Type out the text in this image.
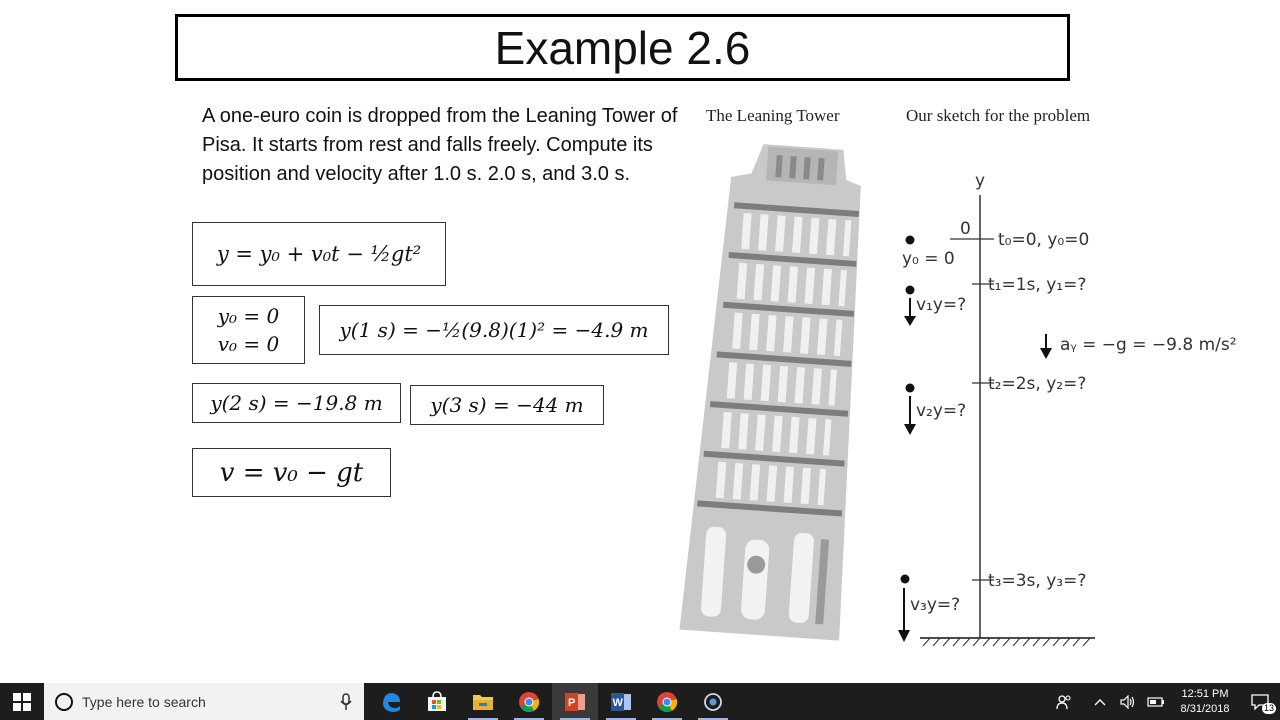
Example 2.6
A one-euro coin is dropped from the Leaning Tower of Pisa. It starts from rest and falls freely. Compute its position and velocity after 1.0 s. 2.0 s, and 3.0 s.
y = y₀ + v₀t − ½gt²
y₀ = 0
v₀ = 0
y(1 s) = −½(9.8)(1)² = −4.9 m
y(2 s) = −19.8 m y(3 s) = −44 m
v = v₀ − gt
The Leaning Tower	Our sketch for the problem
y
0
t₀=0, y₀=0
t₁=1s, y₁=?
t₂=2s, y₂=?
t₃=3s, y₃=?
y₀ = 0
v₁y=?
v₂y=?
v₃y=?
aᵧ = −g = −9.8 m/s²
Type here to search	P	W
12:51 PM
8/31/2018	13
